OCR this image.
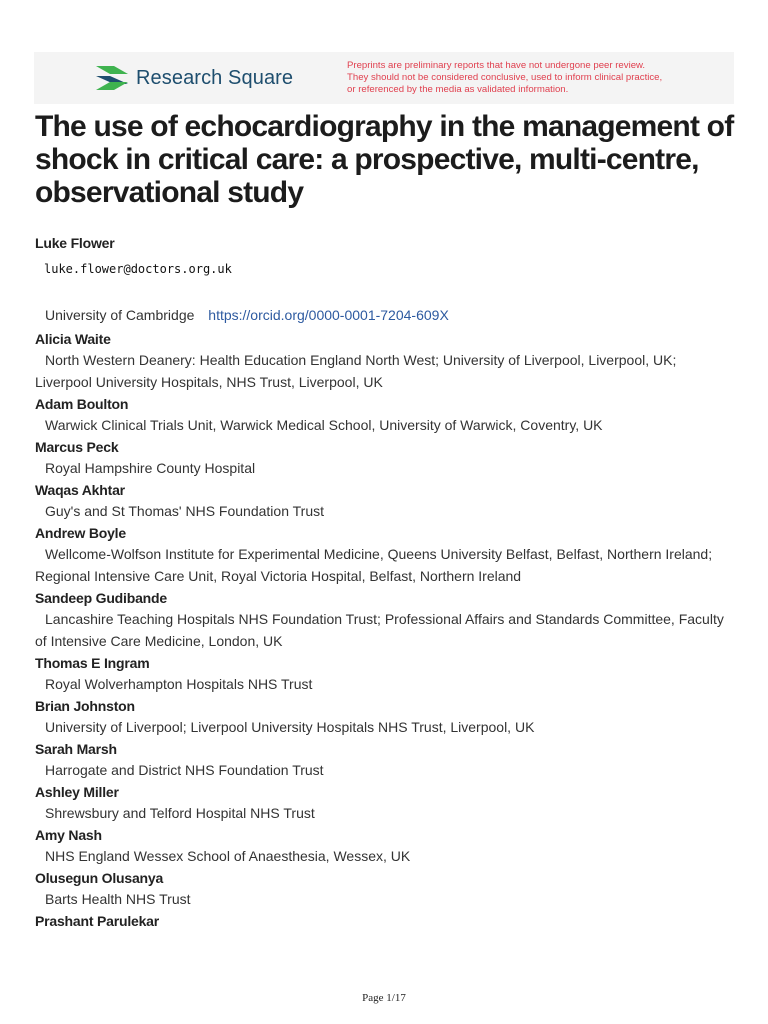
Research Square
Preprints are preliminary reports that have not undergone peer review.
They should not be considered conclusive, used to inform clinical practice,
or referenced by the media as validated information.
The use of echocardiography in the management of shock in critical care: a prospective, multi-centre, observational study
Luke Flower
luke.flower@doctors.org.uk
University of Cambridge https://orcid.org/0000-0001-7204-609X
Alicia Waite
North Western Deanery: Health Education England North West; University of Liverpool, Liverpool, UK; Liverpool University Hospitals, NHS Trust, Liverpool, UK
Adam Boulton
Warwick Clinical Trials Unit, Warwick Medical School, University of Warwick, Coventry, UK
Marcus Peck
Royal Hampshire County Hospital
Waqas Akhtar
Guy's and St Thomas' NHS Foundation Trust
Andrew Boyle
Wellcome-Wolfson Institute for Experimental Medicine, Queens University Belfast, Belfast, Northern Ireland; Regional Intensive Care Unit, Royal Victoria Hospital, Belfast, Northern Ireland
Sandeep Gudibande
Lancashire Teaching Hospitals NHS Foundation Trust; Professional Affairs and Standards Committee, Faculty of Intensive Care Medicine, London, UK
Thomas E Ingram
Royal Wolverhampton Hospitals NHS Trust
Brian Johnston
University of Liverpool; Liverpool University Hospitals NHS Trust, Liverpool, UK
Sarah Marsh
Harrogate and District NHS Foundation Trust
Ashley Miller
Shrewsbury and Telford Hospital NHS Trust
Amy Nash
NHS England Wessex School of Anaesthesia, Wessex, UK
Olusegun Olusanya
Barts Health NHS Trust
Prashant Parulekar
Page 1/17
